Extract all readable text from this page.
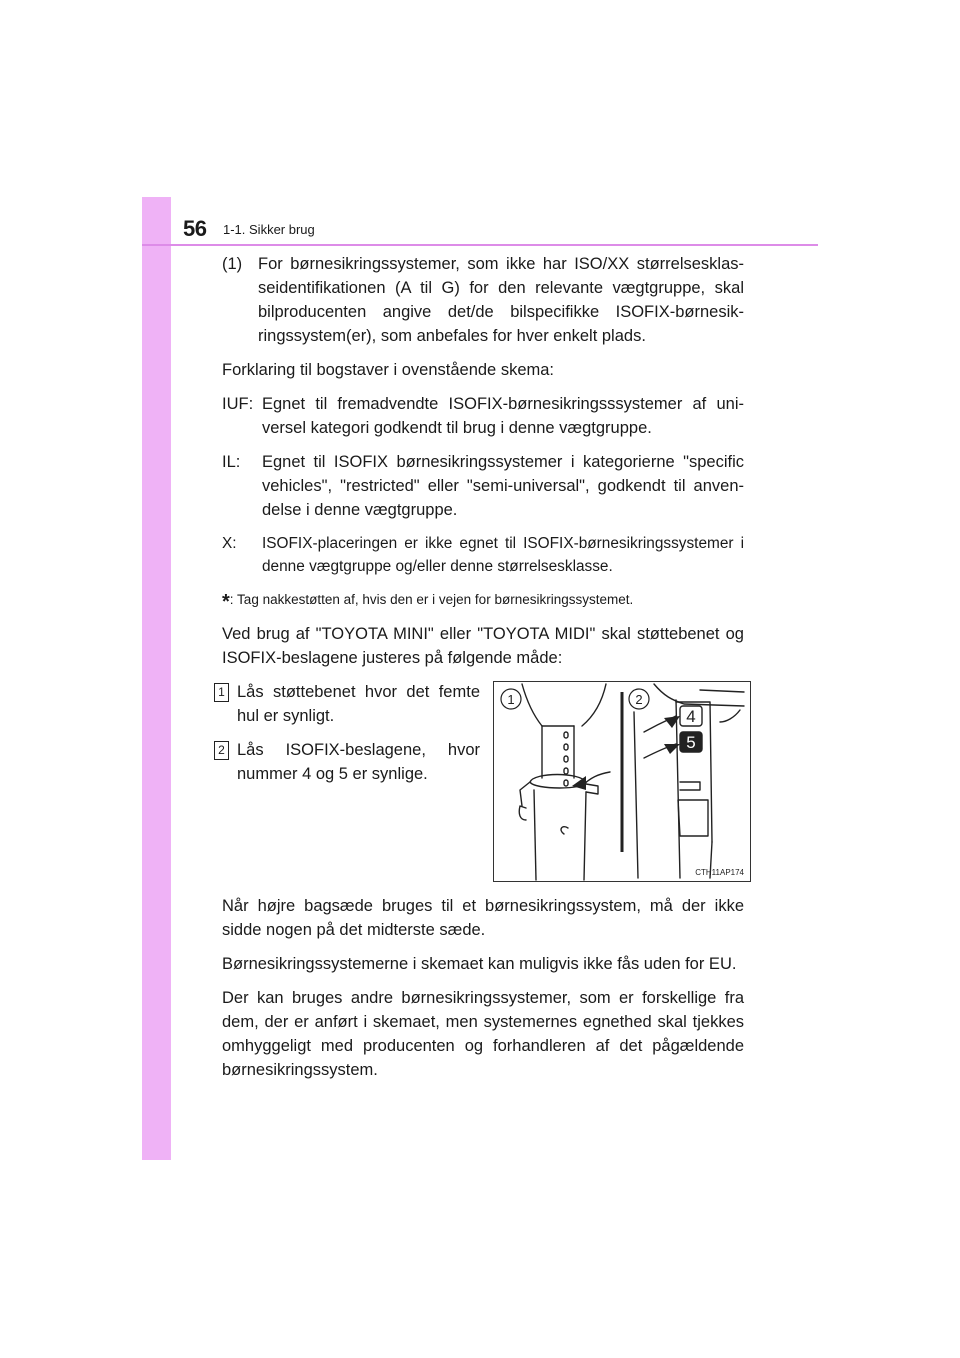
56 1-1. Sikker brug
(1) For børnesikringssystemer, som ikke har ISO/XX størrelsesklasseidentifikationen (A til G) for den relevante vægtgruppe, skal bilproducenten angive det/de bilspecifikke ISOFIX-børnesikringssystem(er), som anbefales for hver enkelt plads.

Forklaring til bogstaver i ovenstående skema:

IUF: Egnet til fremadvendte ISOFIX-børnesikringsssystemer af universel kategori godkendt til brug i denne vægtgruppe.
IL:	Egnet til ISOFIX børnesikringssystemer i kategorierne "specific vehicles", "restricted" eller "semi-universal", godkendt til anvendelse i denne vægtgruppe.
X:	ISOFIX-placeringen er ikke egnet til ISOFIX-børnesikringssystemer i denne vægtgruppe og/eller denne størrelsesklasse.

*: Tag nakkestøtten af, hvis den er i vejen for børnesikringssystemet.

Ved brug af "TOYOTA MINI" eller "TOYOTA MIDI" skal støttebenet og ISOFIX-beslagene justeres på følgende måde:

1 Lås støttebenet hvor det femte hul er synligt.
2 Lås ISOFIX-beslagene, hvor nummer 4 og 5 er synlige.
4
5
1	2
CTH11AP174

Når højre bagsæde bruges til et børnesikringssystem, må der ikke sidde nogen på det midterste sæde.

Børnesikringssystemerne i skemaet kan muligvis ikke fås uden for EU.

Der kan bruges andre børnesikringssystemer, som er forskellige fra dem, der er anført i skemaet, men systemernes egnethed skal tjekkes omhyggeligt med producenten og forhandleren af det pågældende børnesikringssystem.
